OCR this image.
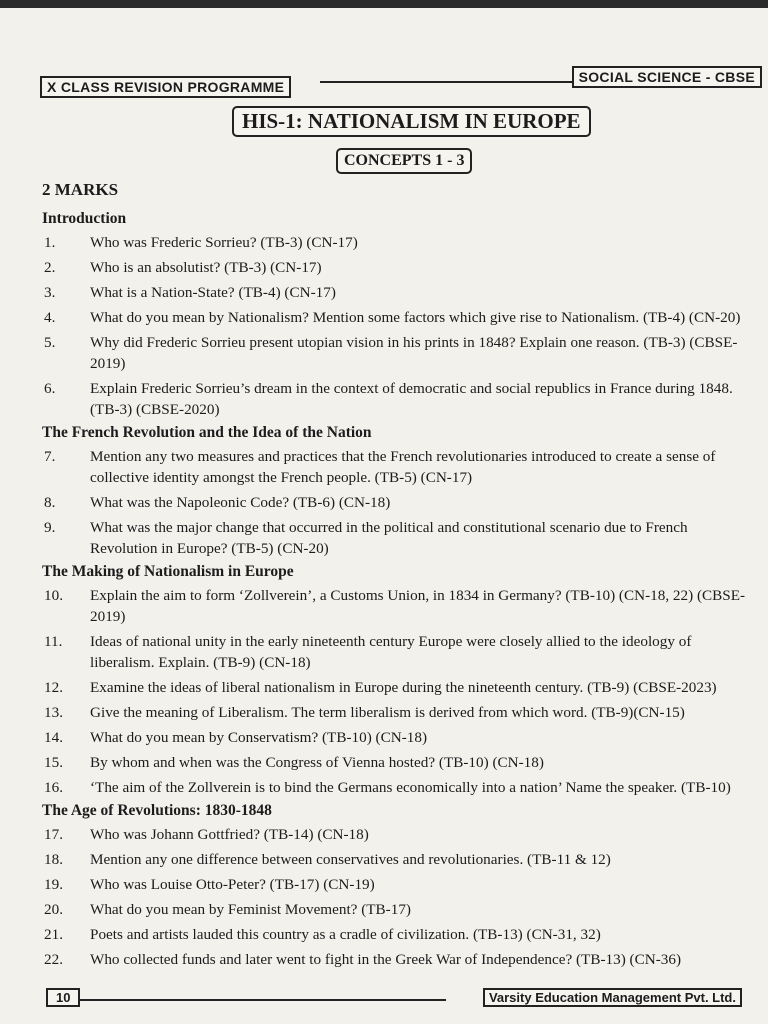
X CLASS REVISION PROGRAMME
SOCIAL SCIENCE - CBSE
HIS-1: NATIONALISM IN EUROPE
CONCEPTS 1 - 3
2 MARKS
Introduction
1. Who was Frederic Sorrieu? (TB-3) (CN-17)
2. Who is an absolutist? (TB-3) (CN-17)
3. What is a Nation-State? (TB-4) (CN-17)
4. What do you mean by Nationalism? Mention some factors which give rise to Nationalism. (TB-4) (CN-20)
5. Why did Frederic Sorrieu present utopian vision in his prints in 1848? Explain one reason. (TB-3) (CBSE-2019)
6. Explain Frederic Sorrieu’s dream in the context of democratic and social republics in France during 1848. (TB-3) (CBSE-2020)
The French Revolution and the Idea of the Nation
7. Mention any two measures and practices that the French revolutionaries introduced to create a sense of collective identity amongst the French people. (TB-5) (CN-17)
8. What was the Napoleonic Code? (TB-6) (CN-18)
9. What was the major change that occurred in the political and constitutional scenario due to French Revolution in Europe? (TB-5) (CN-20)
The Making of Nationalism in Europe
10. Explain the aim to form ‘Zollverein’, a Customs Union, in 1834 in Germany? (TB-10) (CN-18, 22) (CBSE-2019)
11. Ideas of national unity in the early nineteenth century Europe were closely allied to the ideology of liberalism. Explain. (TB-9) (CN-18)
12. Examine the ideas of liberal nationalism in Europe during the nineteenth century. (TB-9) (CBSE-2023)
13. Give the meaning of Liberalism. The term liberalism is derived from which word. (TB-9)(CN-15)
14. What do you mean by Conservatism? (TB-10) (CN-18)
15. By whom and when was the Congress of Vienna hosted? (TB-10) (CN-18)
16. ‘The aim of the Zollverein is to bind the Germans economically into a nation’ Name the speaker. (TB-10)
The Age of Revolutions: 1830-1848
17. Who was Johann Gottfried? (TB-14) (CN-18)
18. Mention any one difference between conservatives and revolutionaries. (TB-11 & 12)
19. Who was Louise Otto-Peter? (TB-17) (CN-19)
20. What do you mean by Feminist Movement? (TB-17)
21. Poets and artists lauded this country as a cradle of civilization. (TB-13) (CN-31, 32)
22. Who collected funds and later went to fight in the Greek War of Independence? (TB-13) (CN-36)
10	Varsity Education Management Pvt. Ltd.
